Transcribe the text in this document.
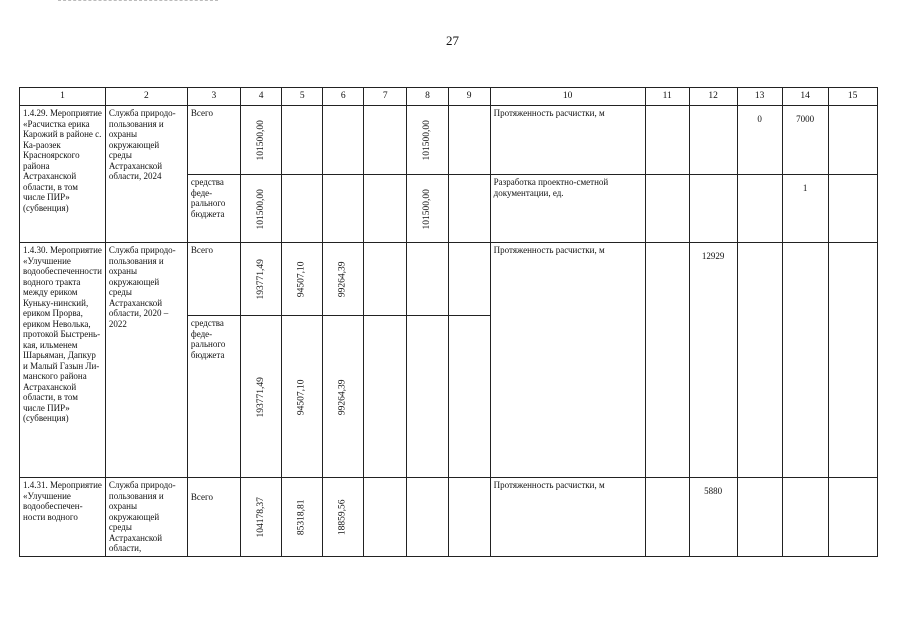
27
1	2	3	4	5	6	7	8	9	10	11	12	13	14	15
1.4.29. Мероприятие «Расчистка ерика Карожий в районе с. Ка-раозек Красноярского района Астраханской области, в том числе ПИР» (субвенция)	Служба природо-пользования и охраны окружающей среды Астраханской области, 2024	Всего	101500,00				101500,00		Протяженность расчистки, м			0	7000	
		средства феде-рального бюджета	101500,00				101500,00		Разработка проектно-сметной документации, ед.				1	
1.4.30. Мероприятие «Улучшение водообеспеченности водного тракта между ериком Куньку-нинский, ериком Прорва, ериком Неволька, протокой Быстрень-кая, ильменем Шарьяман, Дапкур и Малый Газын Ли-манского района Астраханской области, в том числе ПИР» (субвенция)	Служба природо-пользования и охраны окружающей среды Астраханской области, 2020 – 2022	Всего	193771,49	94507,10	99264,39				Протяженность расчистки, м		12929			
		средства феде-рального бюджета	193771,49	94507,10	99264,39									
1.4.31. Мероприятие «Улучшение водообеспечен-ности водного	Служба природо-пользования и охраны окружающей среды Астраханской области,	Всего	104178,37	85318,81	18859,56				Протяженность расчистки, м		5880			
